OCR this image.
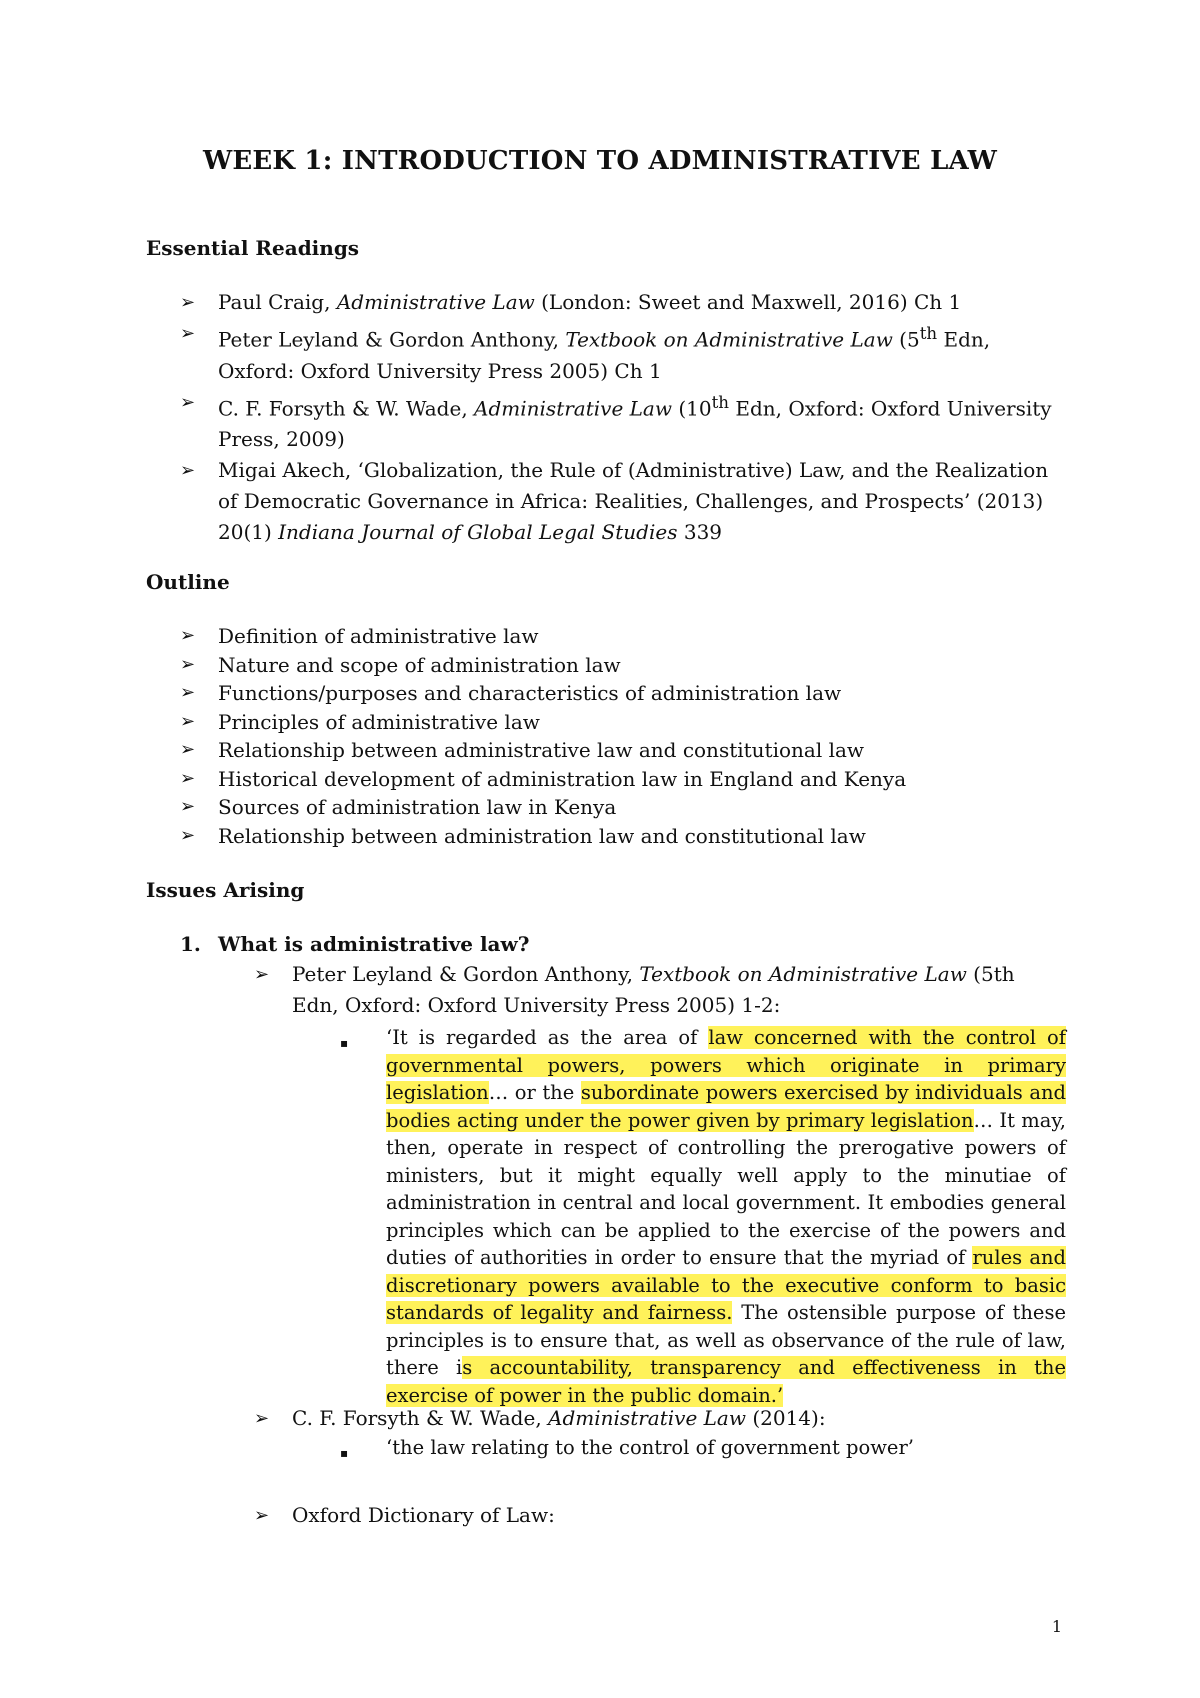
WEEK 1: INTRODUCTION TO ADMINISTRATIVE LAW
Essential Readings
➢ Paul Craig, Administrative Law (London: Sweet and Maxwell, 2016) Ch 1
➢ Peter Leyland & Gordon Anthony, Textbook on Administrative Law (5th Edn, Oxford: Oxford University Press 2005) Ch 1
➢ C. F. Forsyth & W. Wade, Administrative Law (10th Edn, Oxford: Oxford University Press, 2009)
➢ Migai Akech, ‘Globalization, the Rule of (Administrative) Law, and the Realization of Democratic Governance in Africa: Realities, Challenges, and Prospects’ (2013) 20(1) Indiana Journal of Global Legal Studies 339
Outline
➢ Definition of administrative law
➢ Nature and scope of administration law
➢ Functions/purposes and characteristics of administration law
➢ Principles of administrative law
➢ Relationship between administrative law and constitutional law
➢ Historical development of administration law in England and Kenya
➢ Sources of administration law in Kenya
➢ Relationship between administration law and constitutional law
Issues Arising
1. What is administrative law?
➢ Peter Leyland & Gordon Anthony, Textbook on Administrative Law (5th Edn, Oxford: Oxford University Press 2005) 1-2:
▪ ‘It is regarded as the area of law concerned with the control of governmental powers, powers which originate in primary legislation… or the subordinate powers exercised by individuals and bodies acting under the power given by primary legislation… It may, then, operate in respect of controlling the prerogative powers of ministers, but it might equally well apply to the minutiae of administration in central and local government. It embodies general principles which can be applied to the exercise of the powers and duties of authorities in order to ensure that the myriad of rules and discretionary powers available to the executive conform to basic standards of legality and fairness. The ostensible purpose of these principles is to ensure that, as well as observance of the rule of law, there is accountability, transparency and effectiveness in the exercise of power in the public domain.’
➢ C. F. Forsyth & W. Wade, Administrative Law (2014):
▪ ‘the law relating to the control of government power’
➢ Oxford Dictionary of Law:
1
